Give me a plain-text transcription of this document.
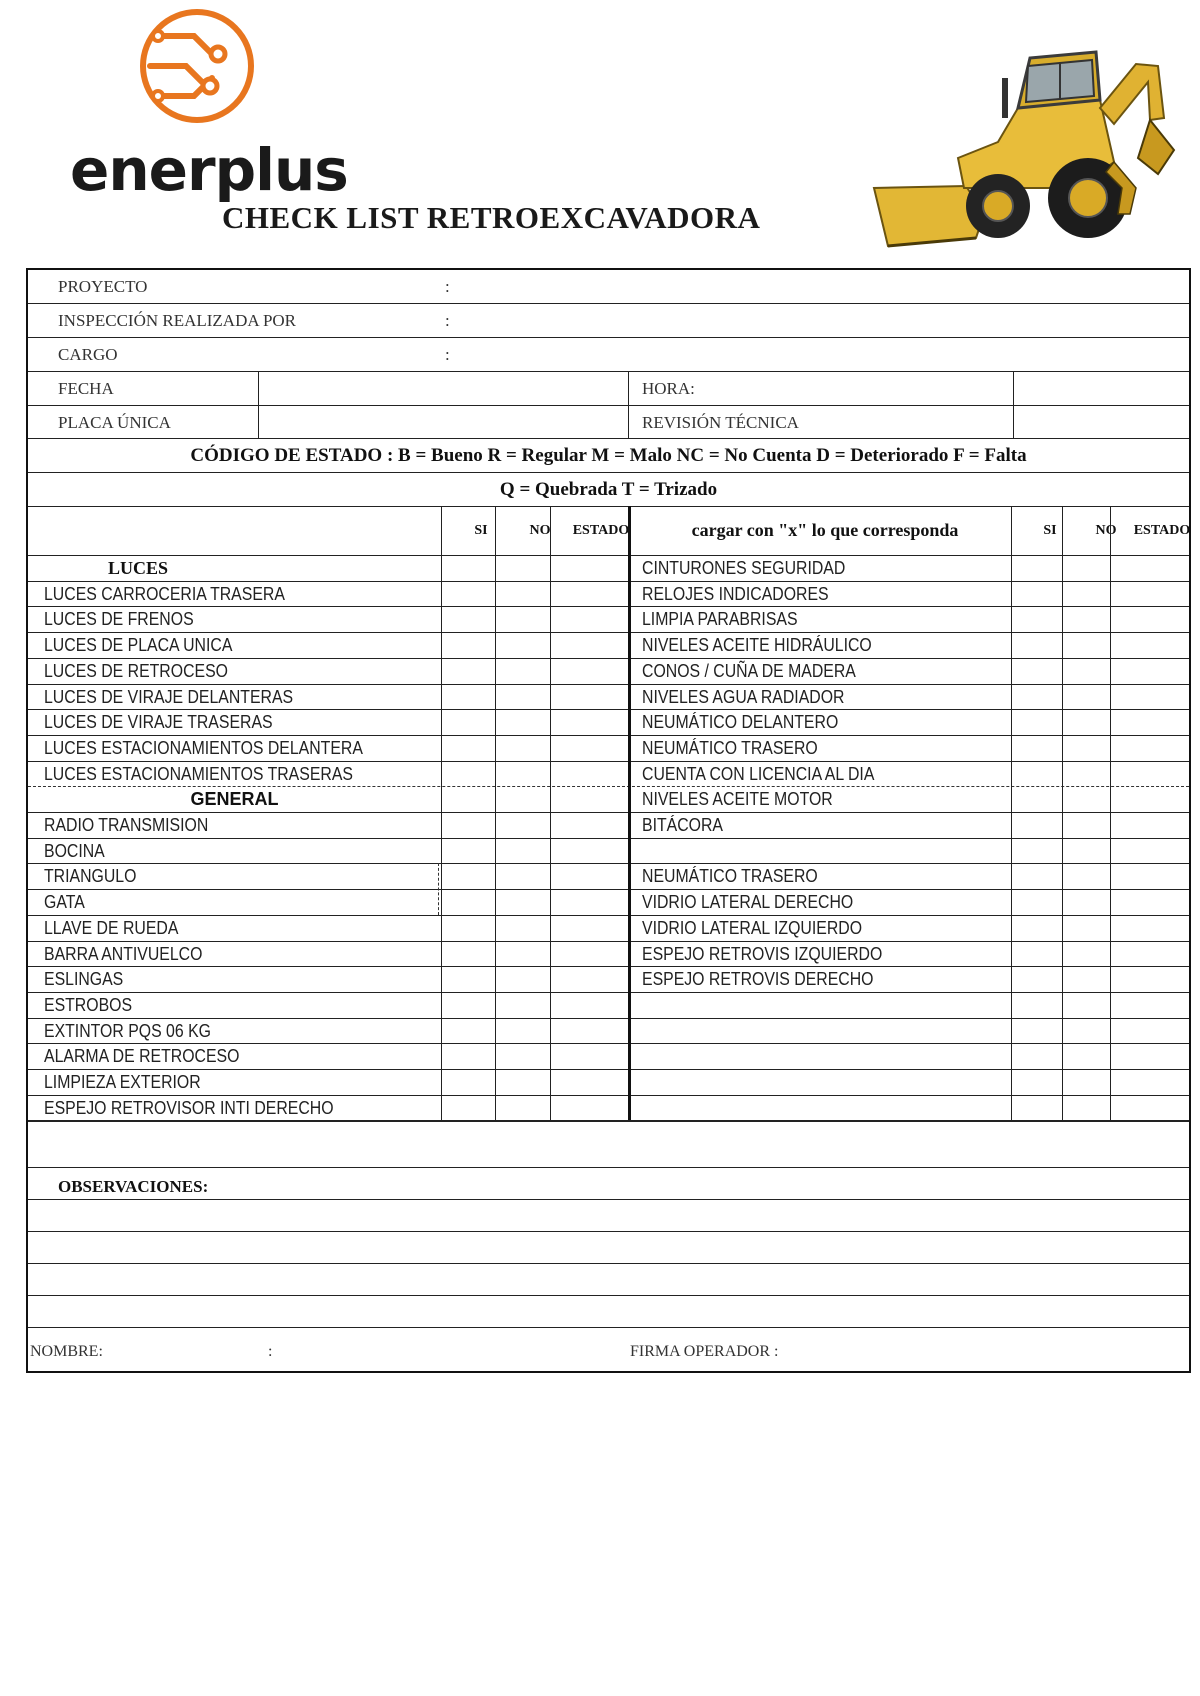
enerplus
CHECK LIST RETROEXCAVADORA
PROYECTO	:
INSPECCIÓN REALIZADA POR	:
CARGO	:
FECHA	HORA:
PLACA ÚNICA	REVISIÓN TÉCNICA
CÓDIGO DE ESTADO : B = Bueno R = Regular M = Malo NC = No Cuenta D = Deteriorado F = Falta
Q = Quebrada T = Trizado
SI	NO	ESTADO	cargar con "x" lo que corresponda	SI	NO	ESTADO
OBSERVACIONES:
NOMBRE:	:	FIRMA OPERADOR :
LUCES	CINTURONES SEGURIDAD
LUCES CARROCERIA TRASERA	RELOJES INDICADORES
LUCES DE FRENOS	LIMPIA PARABRISAS
LUCES DE PLACA UNICA	NIVELES ACEITE HIDRÁULICO
LUCES DE RETROCESO	CONOS / CUÑA DE MADERA
LUCES DE VIRAJE DELANTERAS	NIVELES AGUA RADIADOR
LUCES DE VIRAJE TRASERAS	NEUMÁTICO DELANTERO
LUCES ESTACIONAMIENTOS DELANTERA	NEUMÁTICO TRASERO
LUCES ESTACIONAMIENTOS TRASERAS	CUENTA CON LICENCIA AL DIA
GENERAL	NIVELES ACEITE MOTOR
RADIO TRANSMISION	BITÁCORA
BOCINA
TRIANGULO	NEUMÁTICO TRASERO
GATA	VIDRIO LATERAL DERECHO
LLAVE DE RUEDA	VIDRIO LATERAL IZQUIERDO
BARRA ANTIVUELCO	ESPEJO RETROVIS IZQUIERDO
ESLINGAS	ESPEJO RETROVIS DERECHO
ESTROBOS
EXTINTOR PQS 06 KG
ALARMA DE RETROCESO
LIMPIEZA EXTERIOR
ESPEJO RETROVISOR INTI DERECHO
